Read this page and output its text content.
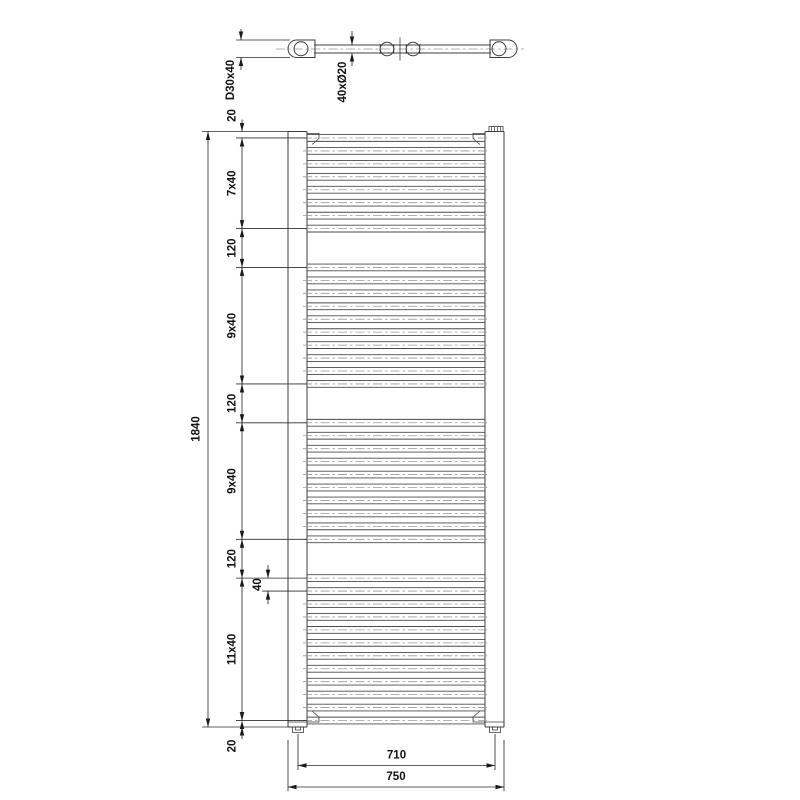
D30x40	40xØ20
1840
20
7x40
120
9x40
120
9x40
120
11x40
20
40
710
750
